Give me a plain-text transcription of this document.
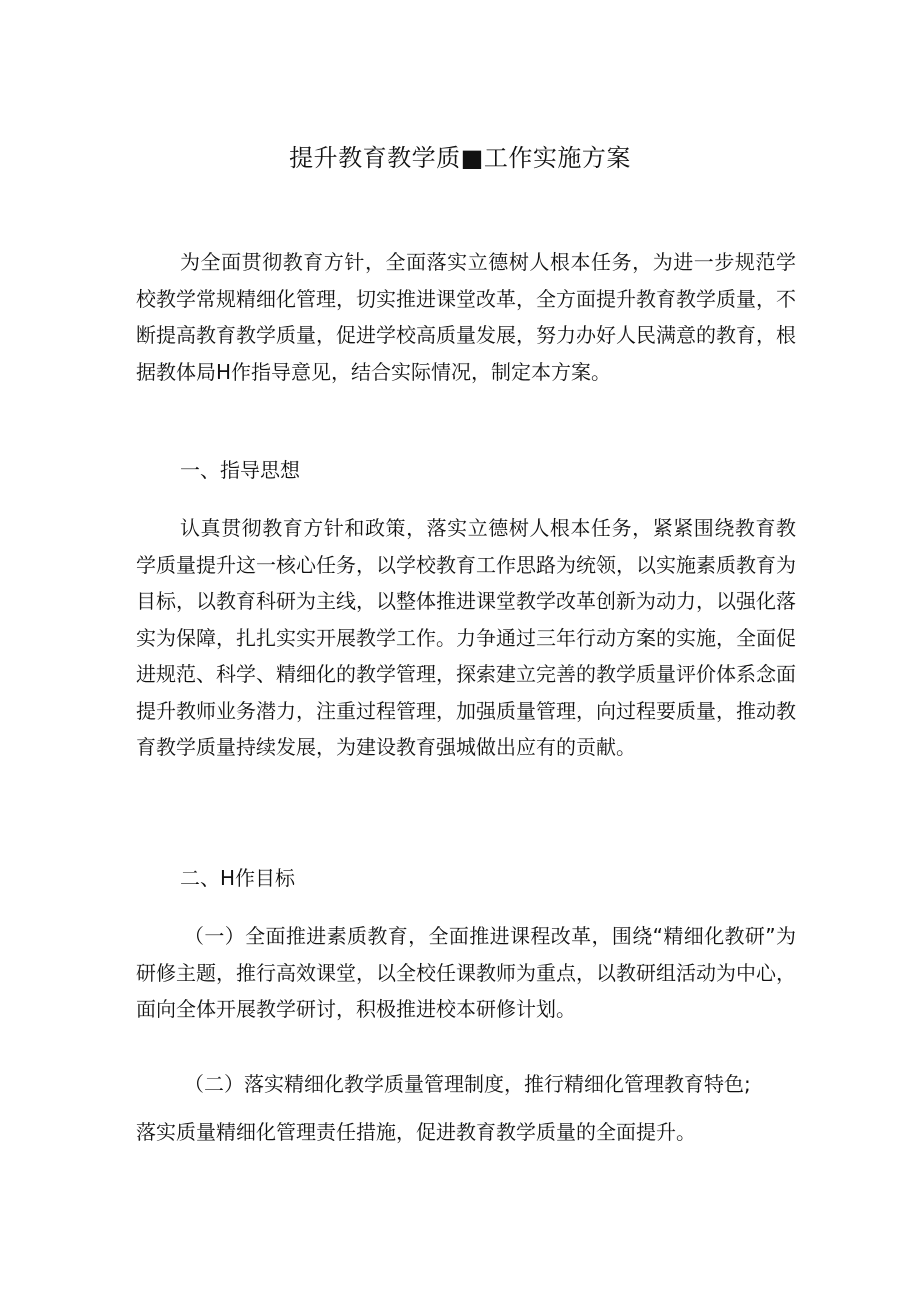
提升教育教学质■工作实施方案

为全面贯彻教育方针，全面落实立德树人根本任务，为进一步规范学校教学常规精细化管理，切实推进课堂改革，全方面提升教育教学质量，不断提高教育教学质量，促进学校高质量发展，努力办好人民满意的教育，根据教体局H作指导意见，结合实际情况，制定本方案。

一、指导思想

认真贯彻教育方针和政策，落实立德树人根本任务，紧紧围绕教育教学质量提升这一核心任务，以学校教育工作思路为统领，以实施素质教育为目标，以教育科研为主线，以整体推进课堂教学改革创新为动力，以强化落实为保障，扎扎实实开展教学工作。力争通过三年行动方案的实施，全面促进规范、科学、精细化的教学管理，探索建立完善的教学质量评价体系念面提升教师业务潜力，注重过程管理，加强质量管理，向过程要质量，推动教育教学质量持续发展，为建设教育强城做出应有的贡献。

二、H作目标

（一）全面推进素质教育，全面推进课程改革，围绕“精细化教研”为研修主题，推行高效课堂，以全校任课教师为重点，以教研组活动为中心，面向全体开展教学研讨，积极推进校本研修计划。

（二）落实精细化教学质量管理制度，推行精细化管理教育特色;

落实质量精细化管理责任措施，促进教育教学质量的全面提升。
